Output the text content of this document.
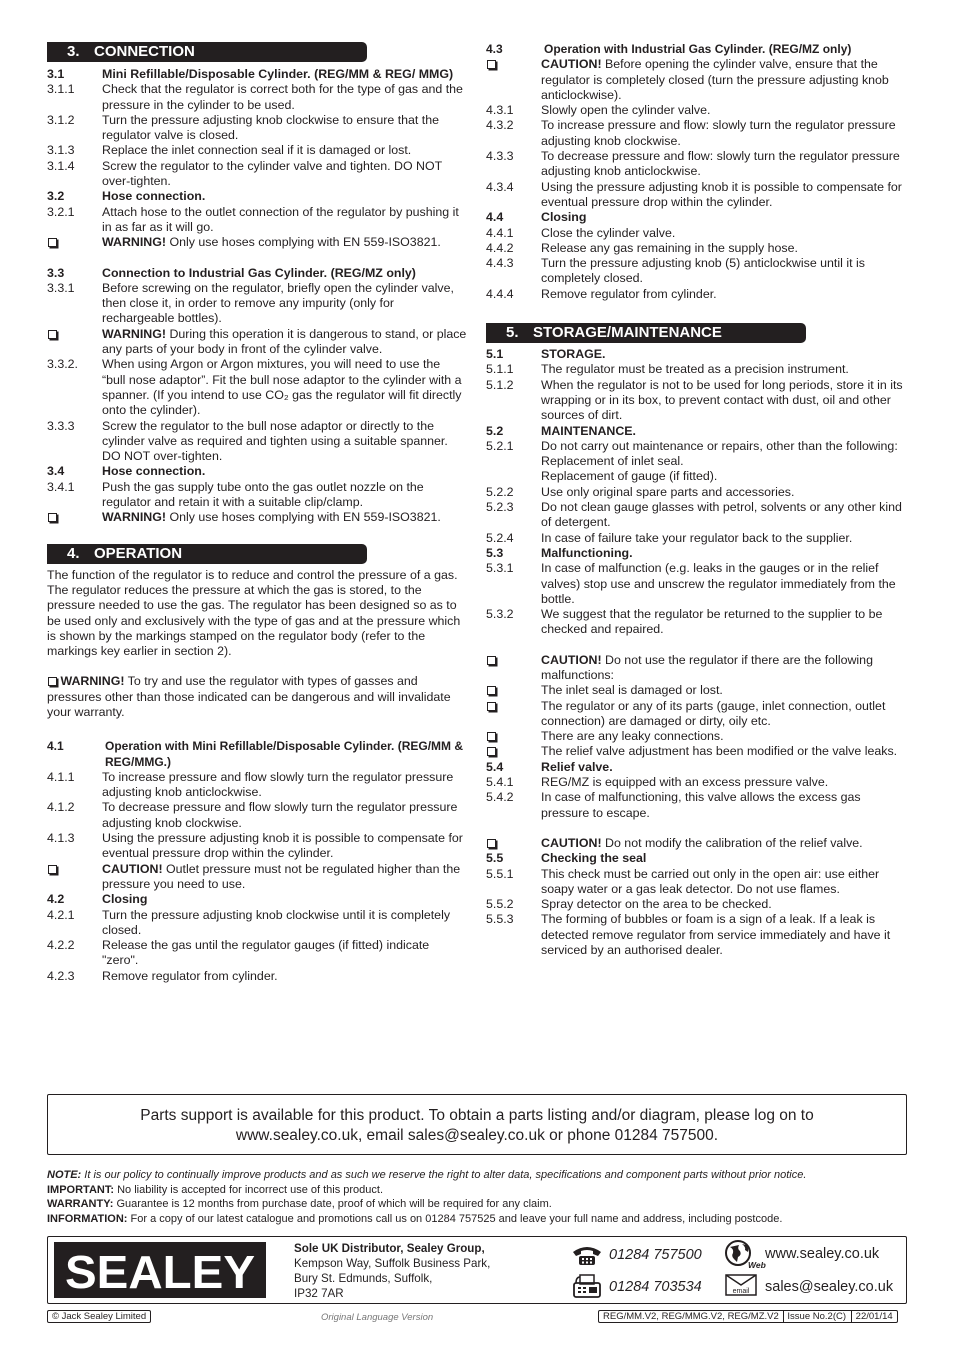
3. CONNECTION
3.1	Mini Refillable/Disposable Cylinder. (REG/MM & REG/ MMG)
3.1.1	Check that the regulator is correct both for the type of gas and the pressure in the cylinder to be used.
3.1.2	Turn the pressure adjusting knob clockwise to ensure that the regulator valve is closed.
3.1.3	Replace the inlet connection seal if it is damaged or lost.
3.1.4	Screw the regulator to the cylinder valve and tighten. DO NOT over-tighten.
3.2	Hose connection.
3.2.1	Attach hose to the outlet connection of the regulator by pushing it in as far as it will go.
WARNING! Only use hoses complying with EN 559-ISO3821.
3.3	Connection to Industrial Gas Cylinder. (REG/MZ only)
3.3.1	Before screwing on the regulator, briefly open the cylinder valve, then close it, in order to remove any impurity (only for rechargeable bottles).
WARNING! During this operation it is dangerous to stand, or place any parts of your body in front of the cylinder valve.
3.3.2.	When using Argon or Argon mixtures, you will need to use the “bull nose adaptor”. Fit the bull nose adaptor to the cylinder with a spanner. (If you intend to use CO₂ gas the regulator will fit directly onto the cylinder).
3.3.3	Screw the regulator to the bull nose adaptor or directly to the cylinder valve as required and tighten using a suitable spanner. DO NOT over-tighten.
3.4	Hose connection.
3.4.1	Push the gas supply tube onto the gas outlet nozzle on the regulator and retain it with a suitable clip/clamp.
WARNING! Only use hoses complying with EN 559-ISO3821.
4. OPERATION
The function of the regulator is to reduce and control the pressure of a gas. The regulator reduces the pressure at which the gas is stored, to the pressure needed to use the gas. The regulator has been designed so as to be used only and exclusively with the type of gas and at the pressure which is shown by the markings stamped on the regulator body (refer to the markings key earlier in section 2).
WARNING! To try and use the regulator with types of gasses and pressures other than those indicated can be dangerous and will invalidate your warranty.
4.1	Operation with Mini Refillable/Disposable Cylinder. (REG/MM & REG/MMG.)
4.1.1	To increase pressure and flow slowly turn the regulator pressure adjusting knob anticlockwise.
4.1.2	To decrease pressure and flow slowly turn the regulator pressure adjusting knob clockwise.
4.1.3	Using the pressure adjusting knob it is possible to compensate for eventual pressure drop within the cylinder.
CAUTION! Outlet pressure must not be regulated higher than the pressure you need to use.
4.2	Closing
4.2.1	Turn the pressure adjusting knob clockwise until it is completely closed.
4.2.2	Release the gas until the regulator gauges (if fitted) indicate "zero".
4.2.3	Remove regulator from cylinder.
4.3	Operation with Industrial Gas Cylinder. (REG/MZ only)
CAUTION! Before opening the cylinder valve, ensure that the regulator is completely closed (turn the pressure adjusting knob anticlockwise).
4.3.1	Slowly open the cylinder valve.
4.3.2	To increase pressure and flow: slowly turn the regulator pressure adjusting knob clockwise.
4.3.3	To decrease pressure and flow: slowly turn the regulator pressure adjusting knob anticlockwise.
4.3.4	Using the pressure adjusting knob it is possible to compensate for eventual pressure drop within the cylinder.
4.4	Closing
4.4.1	Close the cylinder valve.
4.4.2	Release any gas remaining in the supply hose.
4.4.3	Turn the pressure adjusting knob (5) anticlockwise until it is completely closed.
4.4.4	Remove regulator from cylinder.
5. STORAGE/MAINTENANCE
5.1	STORAGE.
5.1.1	The regulator must be treated as a precision instrument.
5.1.2	When the regulator is not to be used for long periods, store it in its wrapping or in its box, to prevent contact with dust, oil and other sources of dirt.
5.2	MAINTENANCE.
5.2.1	Do not carry out maintenance or repairs, other than the following:
Replacement of inlet seal.
Replacement of gauge (if fitted).
5.2.2	Use only original spare parts and accessories.
5.2.3	Do not clean gauge glasses with petrol, solvents or any other kind of detergent.
5.2.4	In case of failure take your regulator back to the supplier.
5.3	Malfunctioning.
5.3.1	In case of malfunction (e.g. leaks in the gauges or in the relief valves) stop use and unscrew the regulator immediately from the bottle.
5.3.2	We suggest that the regulator be returned to the supplier to be checked and repaired.
CAUTION! Do not use the regulator if there are the following malfunctions:
The inlet seal is damaged or lost.
The regulator or any of its parts (gauge, inlet connection, outlet connection) are damaged or dirty, oily etc.
There are any leaky connections.
The relief valve adjustment has been modified or the valve leaks.
5.4	Relief valve.
5.4.1	REG/MZ is equipped with an excess pressure valve.
5.4.2	In case of malfunctioning, this valve allows the excess gas pressure to escape.
CAUTION! Do not modify the calibration of the relief valve.
5.5	Checking the seal
5.5.1	This check must be carried out only in the open air: use either soapy water or a gas leak detector. Do not use flames.
5.5.2	Spray detector on the area to be checked.
5.5.3	The forming of bubbles or foam is a sign of a leak. If a leak is detected remove regulator from service immediately and have it serviced by an authorised dealer.
Parts support is available for this product. To obtain a parts listing and/or diagram, please log on to www.sealey.co.uk, email sales@sealey.co.uk or phone 01284 757500.
NOTE: It is our policy to continually improve products and as such we reserve the right to alter data, specifications and component parts without prior notice.
IMPORTANT: No liability is accepted for incorrect use of this product.
WARRANTY: Guarantee is 12 months from purchase date, proof of which will be required for any claim.
INFORMATION: For a copy of our latest catalogue and promotions call us on 01284 757525 and leave your full name and address, including postcode.
SEALEY	Sole UK Distributor, Sealey Group,
Kempson Way, Suffolk Business Park,
Bury St. Edmunds, Suffolk,
IP32 7AR
01284 757500
01284 703534
Web
www.sealey.co.uk
email sales@sealey.co.uk
© Jack Sealey Limited	Original Language Version	REG/MM.V2, REG/MMG.V2, REG/MZ.V2 Issue No.2(C) 22/01/14
